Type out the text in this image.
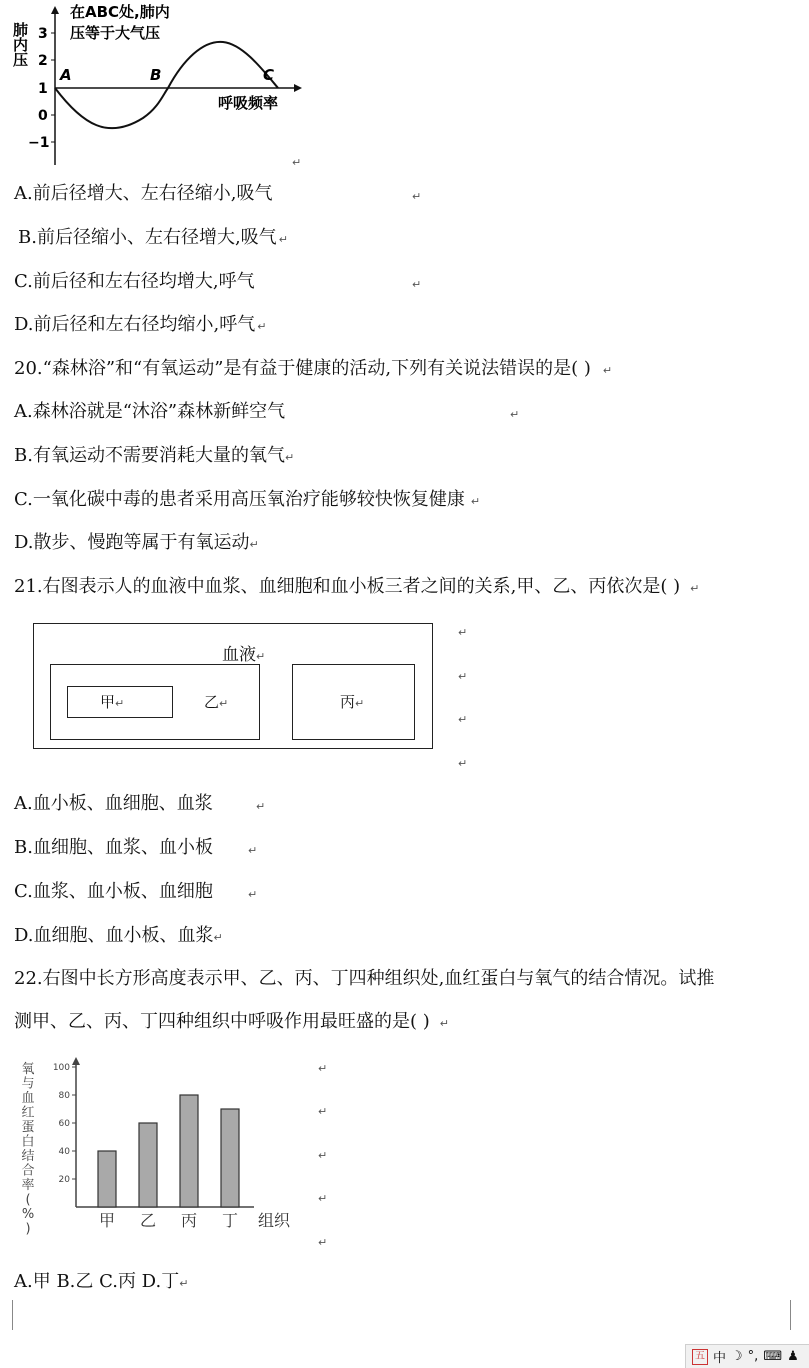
3
2
1
0
−1
肺内压
A	B	C
在ABC处,肺内
压等于大气压
呼吸频率
↵
A.前后径增大、左右径缩小,吸气	↵
B.前后径缩小、左右径增大,吸气 ↵
C.前后径和左右径均增大,呼气	↵
D.前后径和左右径均缩小,呼气 ↵
20.“森林浴”和“有氧运动”是有益于健康的活动,下列有关说法错误的是( ) ↵
A.森林浴就是“沐浴”森林新鲜空气	↵
B.有氧运动不需要消耗大量的氧气↵
C.一氧化碳中毒的患者采用高压氧治疗能够较快恢复健康 ↵
D.散步、慢跑等属于有氧运动↵
21.右图表示人的血液中血浆、血细胞和血小板三者之间的关系,甲、乙、丙依次是( ) ↵
血液↵
甲↵	乙↵	丙↵
↵
↵
↵
↵
A.血小板、血细胞、血浆	↵
B.血细胞、血浆、血小板	↵
C.血浆、血小板、血细胞	↵
D.血细胞、血小板、血浆↵
22.右图中长方形高度表示甲、乙、丙、丁四种组织处,血红蛋白与氧气的结合情况。试推
测甲、乙、丙、丁四种组织中呼吸作用最旺盛的是( ) ↵
氧
与
血
红
蛋
白
结
合
率
(
%
)
20
40
60
80
100
甲 乙 丙 丁 组织
↵
↵
↵
↵
↵
A.甲 B.乙 C.丙 D.丁↵
五 中 ☽ °, ⌨ ♟
